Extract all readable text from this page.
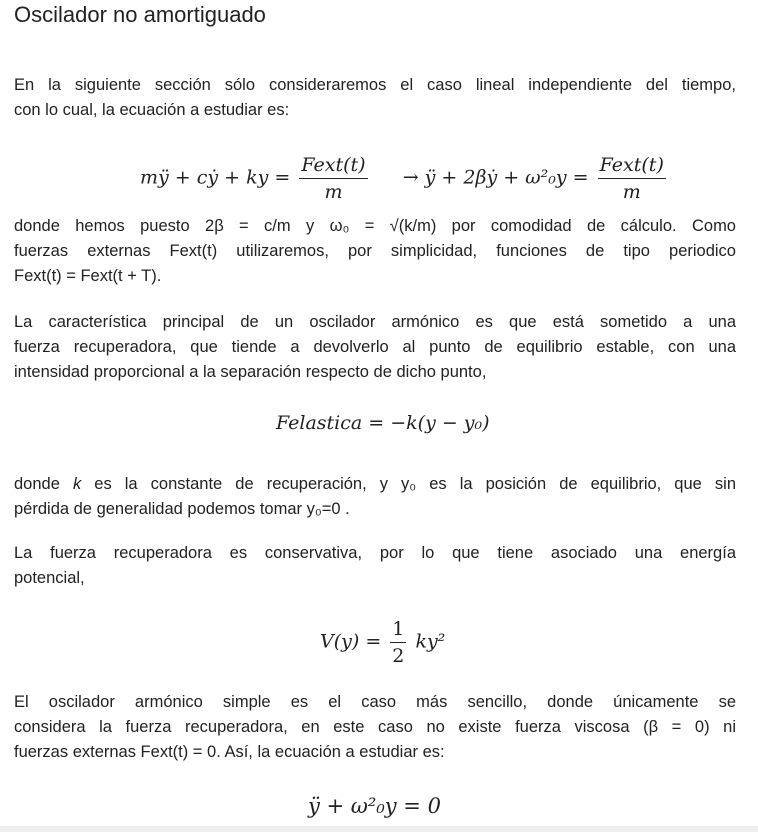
Oscilador no amortiguado

En la siguiente sección sólo consideraremos el caso lineal independiente del tiempo,
con lo cual, la ecuación a estudiar es:

mÿ + cẏ + ky = $\frac{\text{Fext(t)}}{m}$ → ÿ + 2βẏ + $\omega^2_0y = \frac{\text{Fext(t)}}{m}$

donde hemos puesto 2β = c/m y ω₀ = √(k/m) por comodidad de cálculo. Como
fuerzas externas Fext(t) utilizaremos, por simplicidad, funciones de tipo periodico
Fext(t) = Fext(t + T).

La característica principal de un oscilador armónico es que está sometido a una
fuerza recuperadora, que tiende a devolverlo al punto de equilibrio estable, con una
intensidad proporcional a la separación respecto de dicho punto,

Felastica = −k(y − y₀)

donde k es la constante de recuperación, y y₀ es la posición de equilibrio, que sin
pérdida de generalidad podemos tomar y₀=0 .

La fuerza recuperadora es conservativa, por lo que tiene asociado una energía
potencial,

$V(y) = \frac{1}{2} ky^2$

El oscilador armónico simple es el caso más sencillo, donde únicamente se
considera la fuerza recuperadora, en este caso no existe fuerza viscosa (β = 0) ni
fuerzas externas Fext(t) = 0. Así, la ecuación a estudiar es:

ÿ + ω²₀y = 0
